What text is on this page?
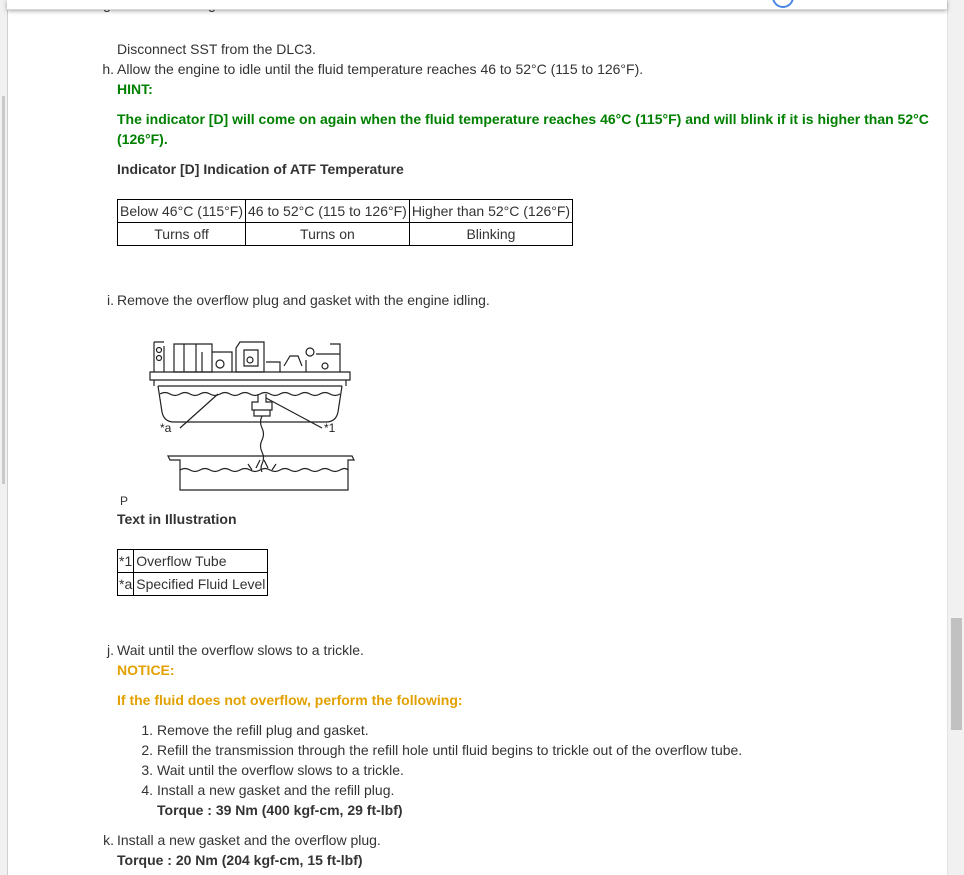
Disconnect SST from the DLC3.
h. Allow the engine to idle until the fluid temperature reaches 46 to 52°C (115 to 126°F).
HINT:
The indicator [D] will come on again when the fluid temperature reaches 46°C (115°F) and will blink if it is higher than 52°C
(126°F).
Indicator [D] Indication of ATF Temperature
Below 46°C (115°F)	46 to 52°C (115 to 126°F)	Higher than 52°C (126°F)
Turns off	Turns on	Blinking
i. Remove the overflow plug and gasket with the engine idling.
*a	*1
P
Text in Illustration
*1	Overflow Tube
*a	Specified Fluid Level
j. Wait until the overflow slows to a trickle.
NOTICE:
If the fluid does not overflow, perform the following:
1. Remove the refill plug and gasket.
2. Refill the transmission through the refill hole until fluid begins to trickle out of the overflow tube.
3. Wait until the overflow slows to a trickle.
4. Install a new gasket and the refill plug.
Torque : 39 Nm (400 kgf-cm, 29 ft-lbf)
k. Install a new gasket and the overflow plug.
Torque : 20 Nm (204 kgf-cm, 15 ft-lbf)
